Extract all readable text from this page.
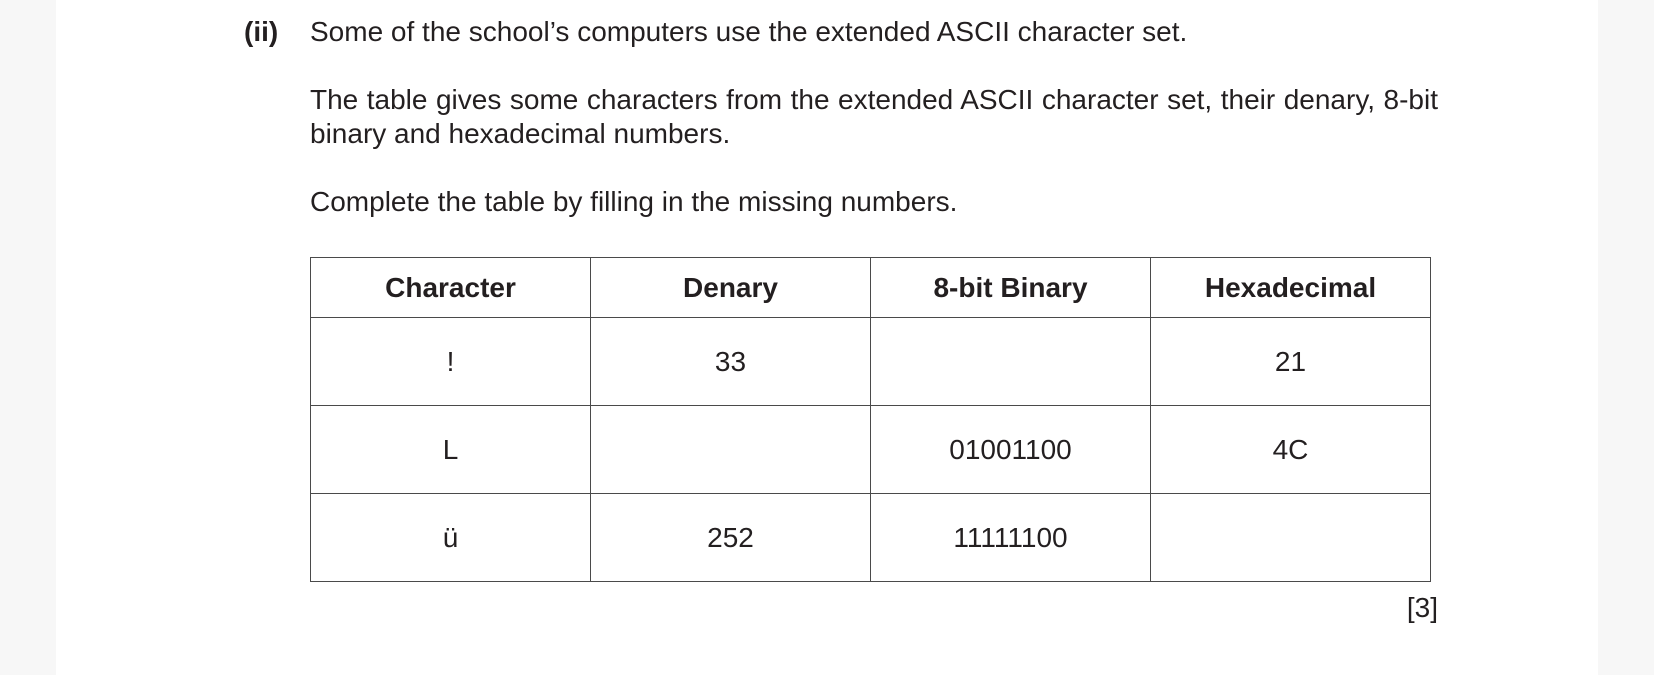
(ii) Some of the school’s computers use the extended ASCII character set.

The table gives some characters from the extended ASCII character set, their denary, 8-bit binary and hexadecimal numbers.

Complete the table by filling in the missing numbers.

Character	Denary	8-bit Binary	Hexadecimal
!	33		21
L		01001100	4C
ü	252	11111100	
[3]
